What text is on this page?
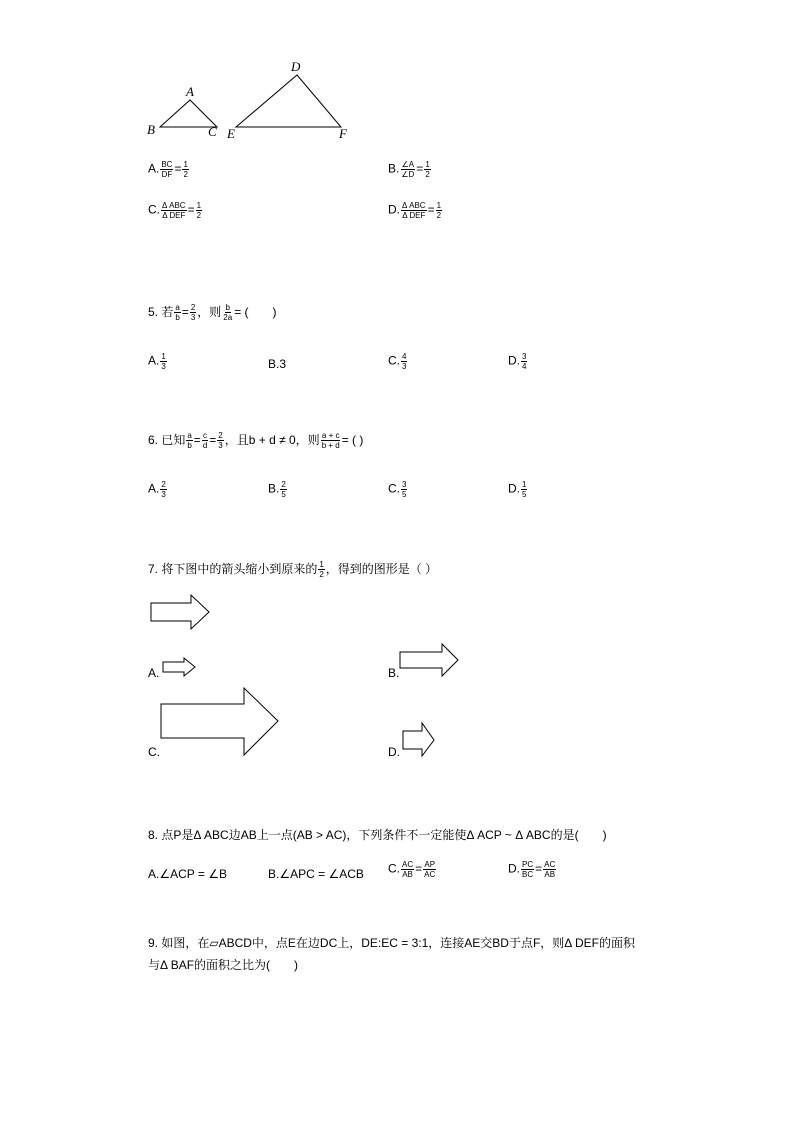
A
B	C
D
E	F
A. $\frac{BC}{DF} = \frac{1}{2}$	B. $\frac{\angle A}{\angle D} = \frac{1}{2}$
C. $\frac{\text{Δ ABC}}{\text{Δ DEF}} = \frac{1}{2}$	D. $\frac{\text{Δ ABC}}{\text{Δ DEF}} = \frac{1}{2}$
5. 若 $\frac{a}{b} = \frac{2}{3}$ ，则 $\frac{b}{2a}$ = (　　)
A. $\frac{1}{3}$	B.3	C. $\frac{4}{3}$	D. $\frac{3}{4}$
6. 已知 $\frac{a}{b} = \frac{c}{d} = \frac{2}{3}$ ，且b + d ≠ 0，则 $\frac{a + c}{b + d}$ = ( )
A. $\frac{2}{3}$	B. $\frac{2}{5}$	C. $\frac{3}{5}$	D. $\frac{1}{5}$
7. 将下图中的箭头缩小到原来的 $\frac{1}{2}$ ，得到的图形是（ ）
A.	B.
C.	D.
8. 点P是Δ ABC边AB上一点(AB > AC)，下列条件不一定能使Δ ACP ~ Δ ABC的是(　　)
A.∠ACP = ∠B	B.∠APC = ∠ACB C. $\frac{AC}{AB} = \frac{AP}{AC}$	D. $\frac{PC}{BC} = \frac{AC}{AB}$
9. 如图，在▱ABCD中，点E在边DC上，DE:EC = 3:1，连接AE交BD于点F，则Δ DEF的面积
与Δ BAF的面积之比为(　　)
